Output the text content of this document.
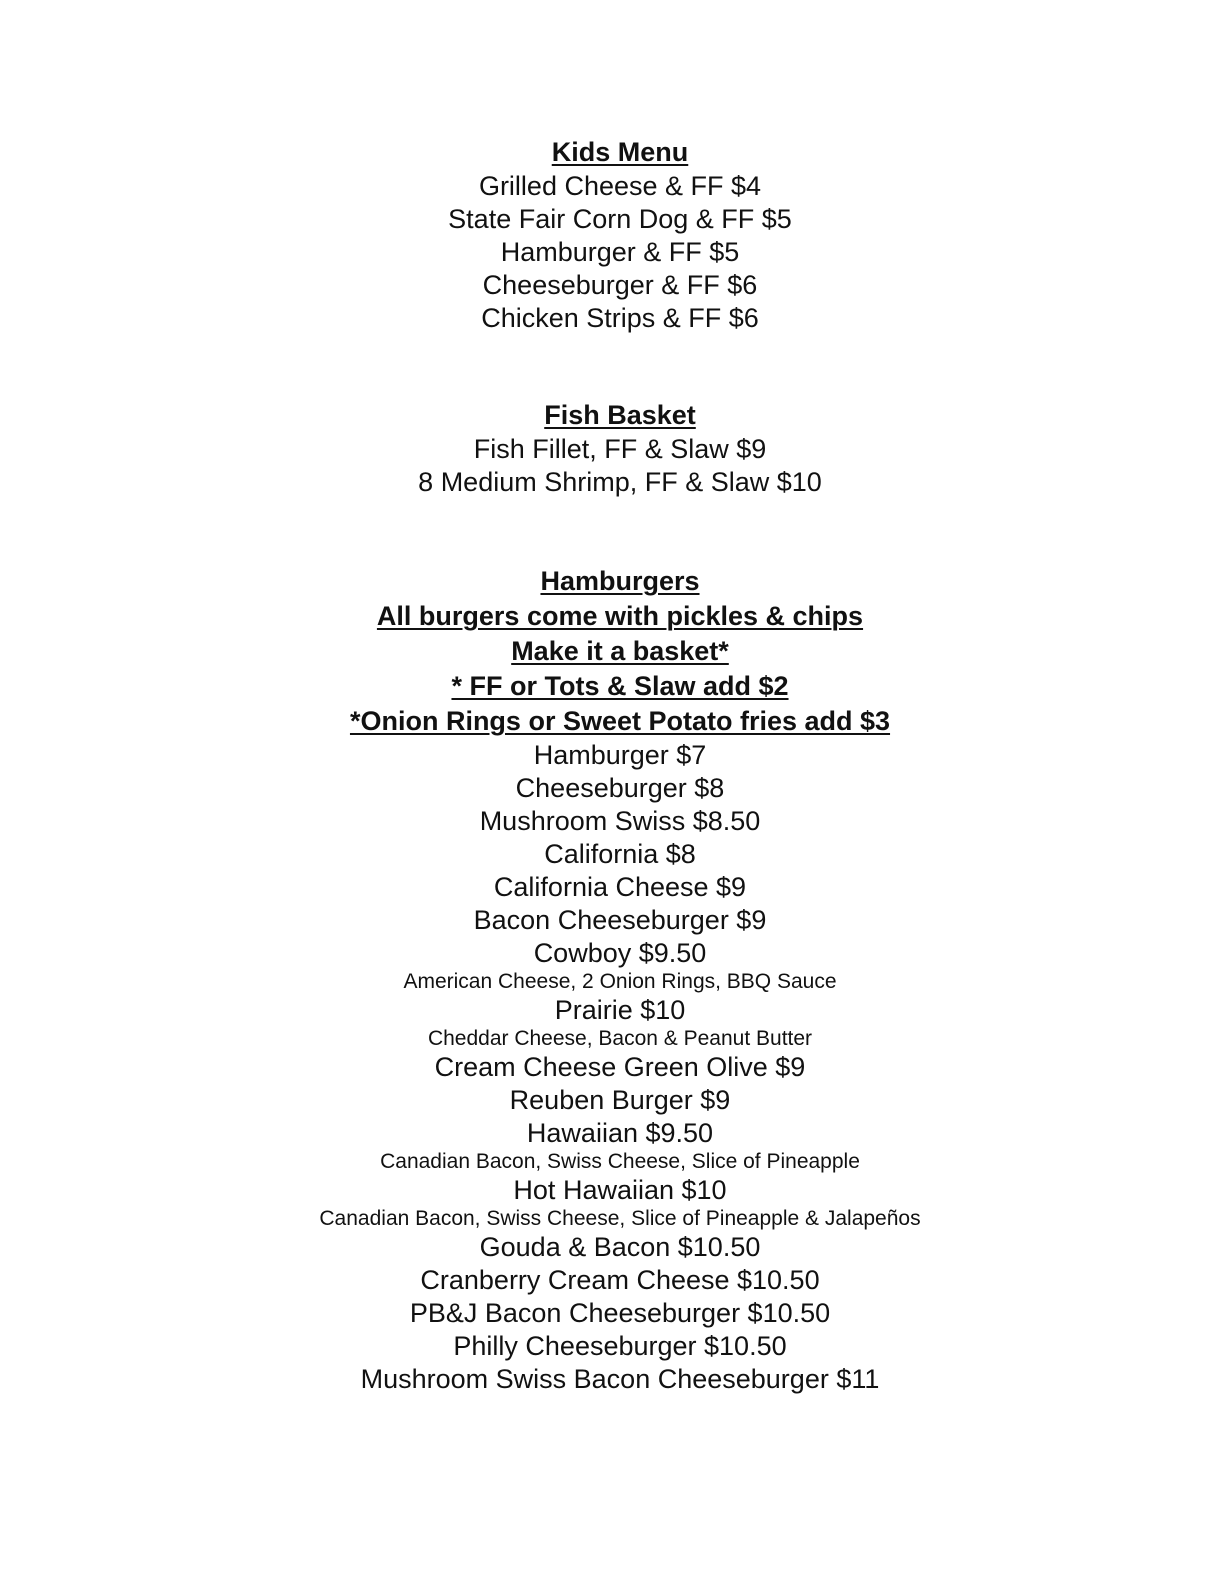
Kids Menu
Grilled Cheese & FF $4
State Fair Corn Dog & FF $5
Hamburger & FF $5
Cheeseburger & FF $6
Chicken Strips & FF $6
Fish Basket
Fish Fillet, FF & Slaw $9
8 Medium Shrimp, FF & Slaw $10
Hamburgers
All burgers come with pickles & chips
Make it a basket*
* FF or Tots & Slaw add $2
*Onion Rings or Sweet Potato fries add $3
Hamburger $7
Cheeseburger $8
Mushroom Swiss $8.50
California $8
California Cheese $9
Bacon Cheeseburger $9
Cowboy $9.50
American Cheese, 2 Onion Rings, BBQ Sauce
Prairie $10
Cheddar Cheese, Bacon & Peanut Butter
Cream Cheese Green Olive $9
Reuben Burger $9
Hawaiian $9.50
Canadian Bacon, Swiss Cheese, Slice of Pineapple
Hot Hawaiian $10
Canadian Bacon, Swiss Cheese, Slice of Pineapple & Jalapeños
Gouda & Bacon $10.50
Cranberry Cream Cheese $10.50
PB&J Bacon Cheeseburger $10.50
Philly Cheeseburger $10.50
Mushroom Swiss Bacon Cheeseburger $11
